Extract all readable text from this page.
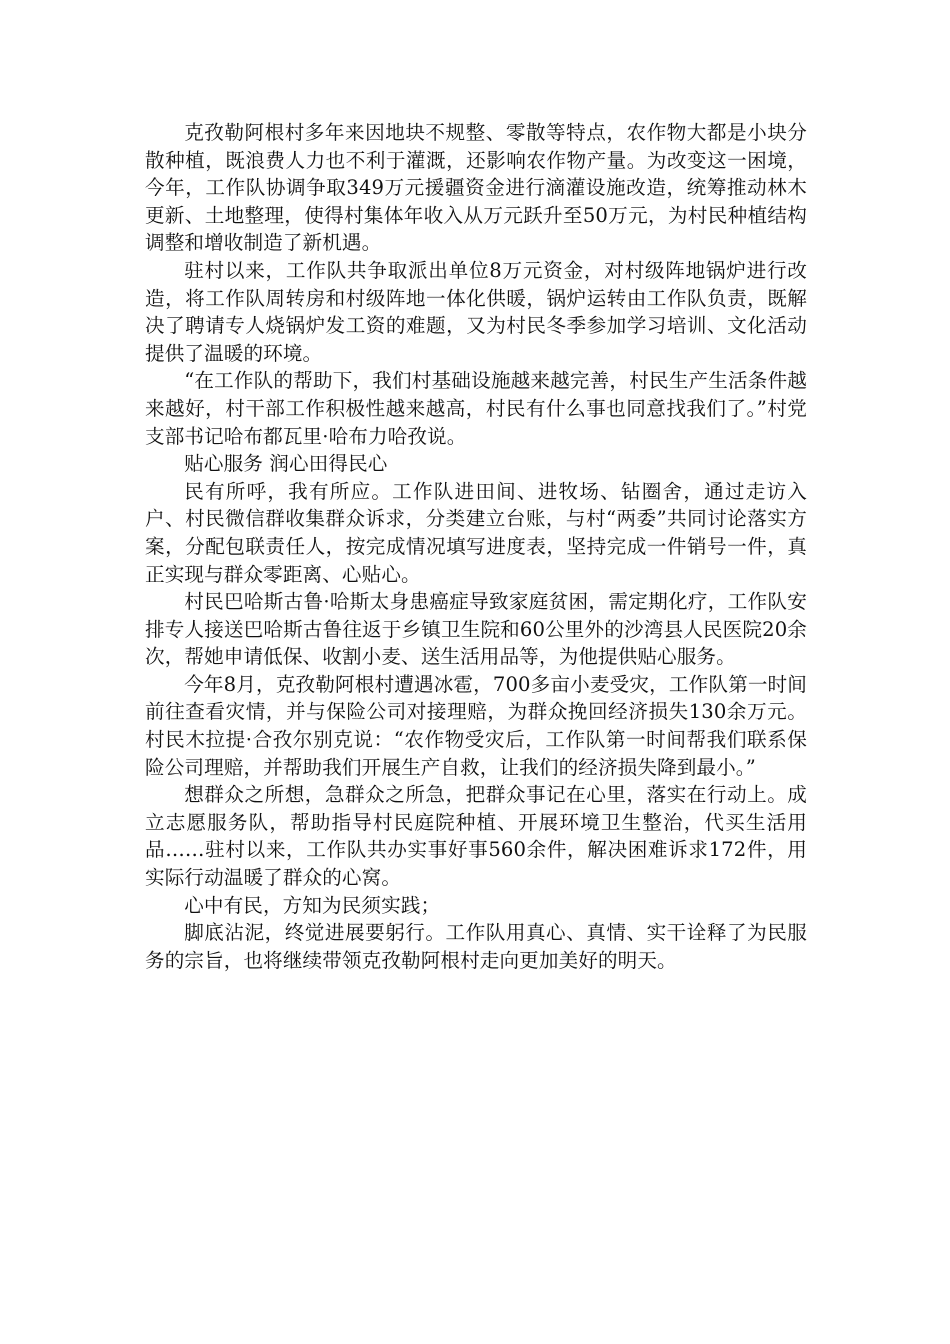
克孜勒阿根村多年来因地块不规整、零散等特点，农作物大都是小块分散种植，既浪费人力也不利于灌溉，还影响农作物产量。为改变这一困境，今年，工作队协调争取349万元援疆资金进行滴灌设施改造，统筹推动林木更新、土地整理，使得村集体年收入从万元跃升至50万元，为村民种植结构调整和增收制造了新机遇。

驻村以来，工作队共争取派出单位8万元资金，对村级阵地锅炉进行改造，将工作队周转房和村级阵地一体化供暖，锅炉运转由工作队负责，既解决了聘请专人烧锅炉发工资的难题，又为村民冬季参加学习培训、文化活动提供了温暖的环境。

“在工作队的帮助下，我们村基础设施越来越完善，村民生产生活条件越来越好，村干部工作积极性越来越高，村民有什么事也同意找我们了。”村党支部书记哈布都瓦里·哈布力哈孜说。

贴心服务 润心田得民心

民有所呼，我有所应。工作队进田间、进牧场、钻圈舍，通过走访入户、村民微信群收集群众诉求，分类建立台账，与村“两委”共同讨论落实方案，分配包联责任人，按完成情况填写进度表，坚持完成一件销号一件，真正实现与群众零距离、心贴心。

村民巴哈斯古鲁·哈斯太身患癌症导致家庭贫困，需定期化疗，工作队安排专人接送巴哈斯古鲁往返于乡镇卫生院和60公里外的沙湾县人民医院20余次，帮她申请低保、收割小麦、送生活用品等，为他提供贴心服务。

今年8月，克孜勒阿根村遭遇冰雹，700多亩小麦受灾，工作队第一时间前往查看灾情，并与保险公司对接理赔，为群众挽回经济损失130余万元。村民木拉提·合孜尔别克说：“农作物受灾后，工作队第一时间帮我们联系保险公司理赔，并帮助我们开展生产自救，让我们的经济损失降到最小。”

想群众之所想，急群众之所急，把群众事记在心里，落实在行动上。成立志愿服务队，帮助指导村民庭院种植、开展环境卫生整治，代买生活用品……驻村以来，工作队共办实事好事560余件，解决困难诉求172件，用实际行动温暖了群众的心窝。

心中有民，方知为民须实践；

脚底沾泥，终觉进展要躬行。工作队用真心、真情、实干诠释了为民服务的宗旨，也将继续带领克孜勒阿根村走向更加美好的明天。
